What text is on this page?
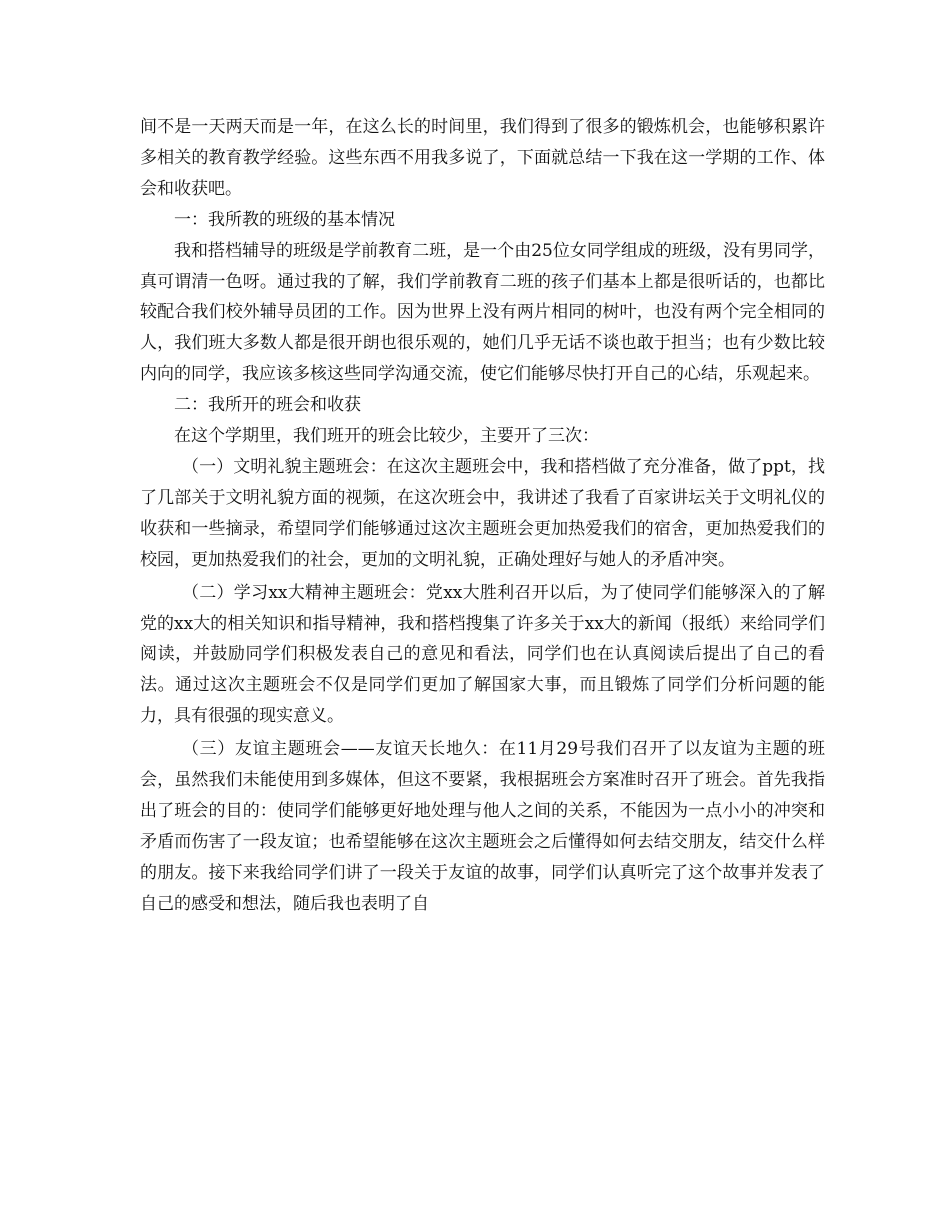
间不是一天两天而是一年，在这么长的时间里，我们得到了很多的锻炼机会，也能够积累许多相关的教育教学经验。这些东西不用我多说了，下面就总结一下我在这一学期的工作、体会和收获吧。

一：我所教的班级的基本情况

我和搭档辅导的班级是学前教育二班，是一个由25位女同学组成的班级，没有男同学，真可谓清一色呀。通过我的了解，我们学前教育二班的孩子们基本上都是很听话的，也都比较配合我们校外辅导员团的工作。因为世界上没有两片相同的树叶，也没有两个完全相同的人，我们班大多数人都是很开朗也很乐观的，她们几乎无话不谈也敢于担当；也有少数比较内向的同学，我应该多核这些同学沟通交流，使它们能够尽快打开自己的心结，乐观起来。

二：我所开的班会和收获

在这个学期里，我们班开的班会比较少，主要开了三次：

（一）文明礼貌主题班会：在这次主题班会中，我和搭档做了充分准备，做了ppt，找了几部关于文明礼貌方面的视频，在这次班会中，我讲述了我看了百家讲坛关于文明礼仪的收获和一些摘录，希望同学们能够通过这次主题班会更加热爱我们的宿舍，更加热爱我们的校园，更加热爱我们的社会，更加的文明礼貌，正确处理好与她人的矛盾冲突。

（二）学习xx大精神主题班会：党xx大胜利召开以后，为了使同学们能够深入的了解党的xx大的相关知识和指导精神，我和搭档搜集了许多关于xx大的新闻（报纸）来给同学们阅读，并鼓励同学们积极发表自己的意见和看法，同学们也在认真阅读后提出了自己的看法。通过这次主题班会不仅是同学们更加了解国家大事，而且锻炼了同学们分析问题的能力，具有很强的现实意义。

（三）友谊主题班会——友谊天长地久：在11月29号我们召开了以友谊为主题的班会，虽然我们未能使用到多媒体，但这不要紧，我根据班会方案准时召开了班会。首先我指出了班会的目的：使同学们能够更好地处理与他人之间的关系，不能因为一点小小的冲突和矛盾而伤害了一段友谊；也希望能够在这次主题班会之后懂得如何去结交朋友，结交什么样的朋友。接下来我给同学们讲了一段关于友谊的故事，同学们认真听完了这个故事并发表了自己的感受和想法，随后我也表明了自
